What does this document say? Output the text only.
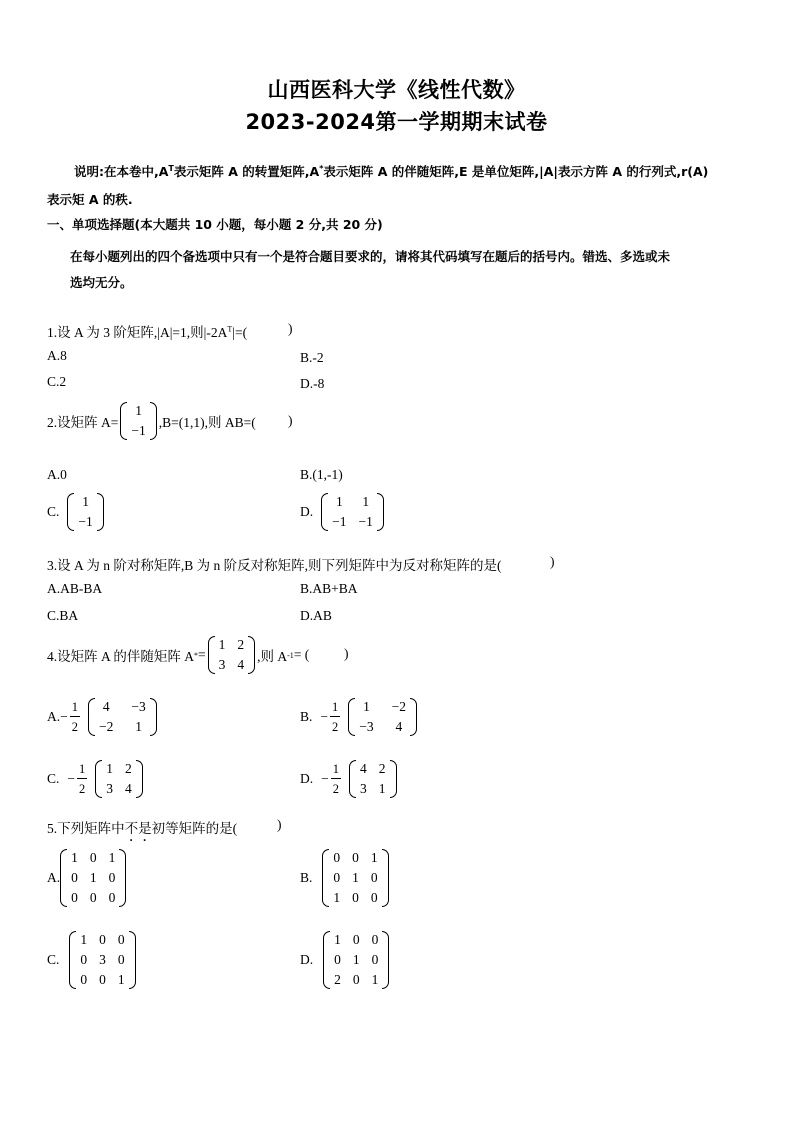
山西医科大学《线性代数》
2023-2024第一学期期末试卷
说明:在本卷中$,A^T$表示矩阵 A 的转置矩阵,A*表示矩阵 A 的伴随矩阵,E 是单位矩阵,|A|表示方阵 A 的行列式,r(A)
表示矩 A 的秩.
一、单项选择题(本大题共 10 小题，每小题 2 分,共 20 分)
在每小题列出的四个备选项中只有一个是符合题目要求的，请将其代码填写在题后的括号内。错选、多选或未
选均无分。
1.设 A 为 3 阶矩阵,|A|=1,则$|-2A^T|=$(	)
A.8	B.-2
C.2	D.-8
2.设矩阵 A=
1
−1
,B=(1,1),则 AB=( )
A.0	B.(1,-1)
C.
1
−1
D.
1 1
−1 −1
3.设 A 为 n 阶对称矩阵,B 为 n 阶反对称矩阵,则下列矩阵中为反对称矩阵的是(	)
A.AB-BA	B.AB+BA
C.BA	D.AB
4.设矩阵 A 的伴随矩阵 A * =
1 2
3 4
,则 A -1 = (	)
A. − $\frac{1}{2} 4 -3$
−2 1
B. − $\frac{1}{2} 1 -2$
−3 4
C. − $\frac{1}{2} 1$ 2
3 4
D. − $\frac{1}{2} 4$ 2
3 1
5.下列矩阵中不是初等矩阵的是(	)
A.
1 0 1
0 1 0
0 0 0
B.
0 0 1
0 1 0
1 0 0
C.
1 0 0
0 3 0
0 0 1
D.
1 0 0
0 1 0
2 0 1
